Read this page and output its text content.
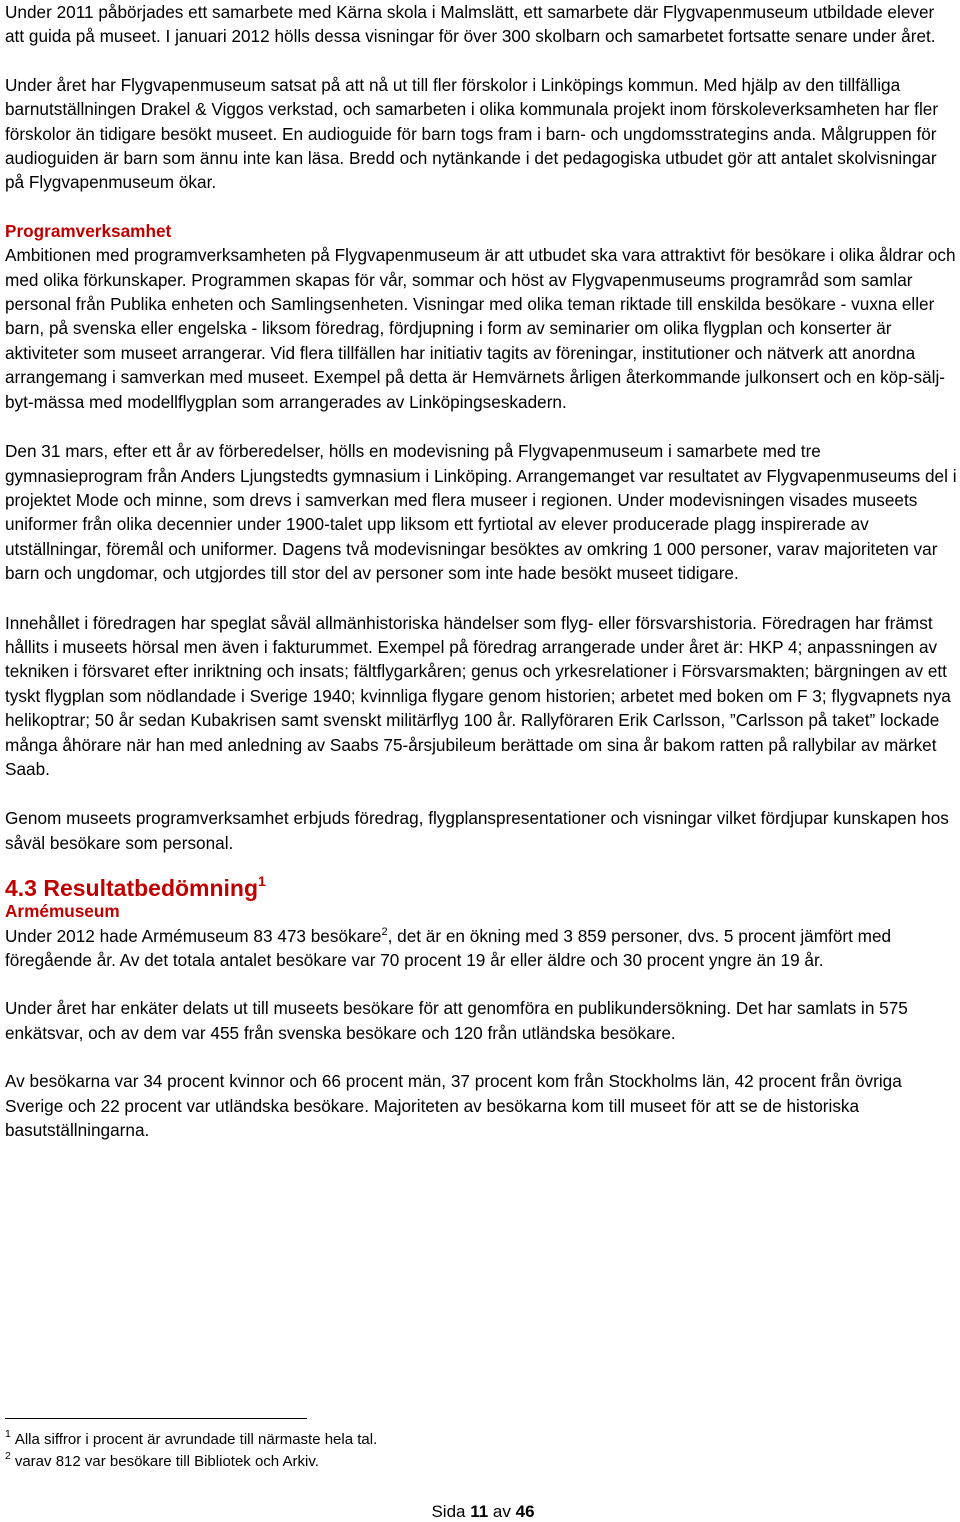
Under 2011 påbörjades ett samarbete med Kärna skola i Malmslätt, ett samarbete där Flygvapenmuseum utbildade elever att guida på museet. I januari 2012 hölls dessa visningar för över 300 skolbarn och samarbetet fortsatte senare under året.

Under året har Flygvapenmuseum satsat på att nå ut till fler förskolor i Linköpings kommun. Med hjälp av den tillfälliga barnutställningen Drakel & Viggos verkstad, och samarbeten i olika kommunala projekt inom förskoleverksamheten har fler förskolor än tidigare besökt museet. En audioguide för barn togs fram i barn- och ungdomsstrategins anda. Målgruppen för audioguiden är barn som ännu inte kan läsa. Bredd och nytänkande i det pedagogiska utbudet gör att antalet skolvisningar på Flygvapenmuseum ökar.

Programverksamhet

Ambitionen med programverksamheten på Flygvapenmuseum är att utbudet ska vara attraktivt för besökare i olika åldrar och med olika förkunskaper. Programmen skapas för vår, sommar och höst av Flygvapenmuseums programråd som samlar personal från Publika enheten och Samlingsenheten. Visningar med olika teman riktade till enskilda besökare - vuxna eller barn, på svenska eller engelska - liksom föredrag, fördjupning i form av seminarier om olika flygplan och konserter är aktiviteter som museet arrangerar. Vid flera tillfällen har initiativ tagits av föreningar, institutioner och nätverk att anordna arrangemang i samverkan med museet. Exempel på detta är Hemvärnets årligen återkommande julkonsert och en köp-sälj-byt-mässa med modellflygplan som arrangerades av Linköpingseskadern.

Den 31 mars, efter ett år av förberedelser, hölls en modevisning på Flygvapenmuseum i samarbete med tre gymnasieprogram från Anders Ljungstedts gymnasium i Linköping. Arrangemanget var resultatet av Flygvapenmuseums del i projektet Mode och minne, som drevs i samverkan med flera museer i regionen. Under modevisningen visades museets uniformer från olika decennier under 1900-talet upp liksom ett fyrtiotal av elever producerade plagg inspirerade av utställningar, föremål och uniformer. Dagens två modevisningar besöktes av omkring 1 000 personer, varav majoriteten var barn och ungdomar, och utgjordes till stor del av personer som inte hade besökt museet tidigare.

Innehållet i föredragen har speglat såväl allmänhistoriska händelser som flyg- eller försvarshistoria. Föredragen har främst hållits i museets hörsal men även i fakturummet. Exempel på föredrag arrangerade under året är: HKP 4; anpassningen av tekniken i försvaret efter inriktning och insats; fältflygarkåren; genus och yrkesrelationer i Försvarsmakten; bärgningen av ett tyskt flygplan som nödlandade i Sverige 1940; kvinnliga flygare genom historien; arbetet med boken om F 3; flygvapnets nya helikoptrar; 50 år sedan Kubakrisen samt svenskt militärflyg 100 år. Rallyföraren Erik Carlsson, ”Carlsson på taket” lockade många åhörare när han med anledning av Saabs 75-årsjubileum berättade om sina år bakom ratten på rallybilar av märket Saab.

Genom museets programverksamhet erbjuds föredrag, flygplanspresentationer och visningar vilket fördjupar kunskapen hos såväl besökare som personal.

4.3 Resultatbedömning$^1$
Armémuseum

Under 2012 hade Armémuseum 83 473 besökare$^2$, det är en ökning med 3 859 personer, dvs. 5 procent jämfört med föregående år. Av det totala antalet besökare var 70 procent 19 år eller äldre och 30 procent yngre än 19 år.

Under året har enkäter delats ut till museets besökare för att genomföra en publikundersökning. Det har samlats in 575 enkätsvar, och av dem var 455 från svenska besökare och 120 från utländska besökare.

Av besökarna var 34 procent kvinnor och 66 procent män, 37 procent kom från Stockholms län, 42 procent från övriga Sverige och 22 procent var utländska besökare. Majoriteten av besökarna kom till museet för att se de historiska basutställningarna.

$^1$ Alla siffror i procent är avrundade till närmaste hela tal.

$^2$ varav 812 var besökare till Bibliotek och Arkiv.

Sida 11 av 46
